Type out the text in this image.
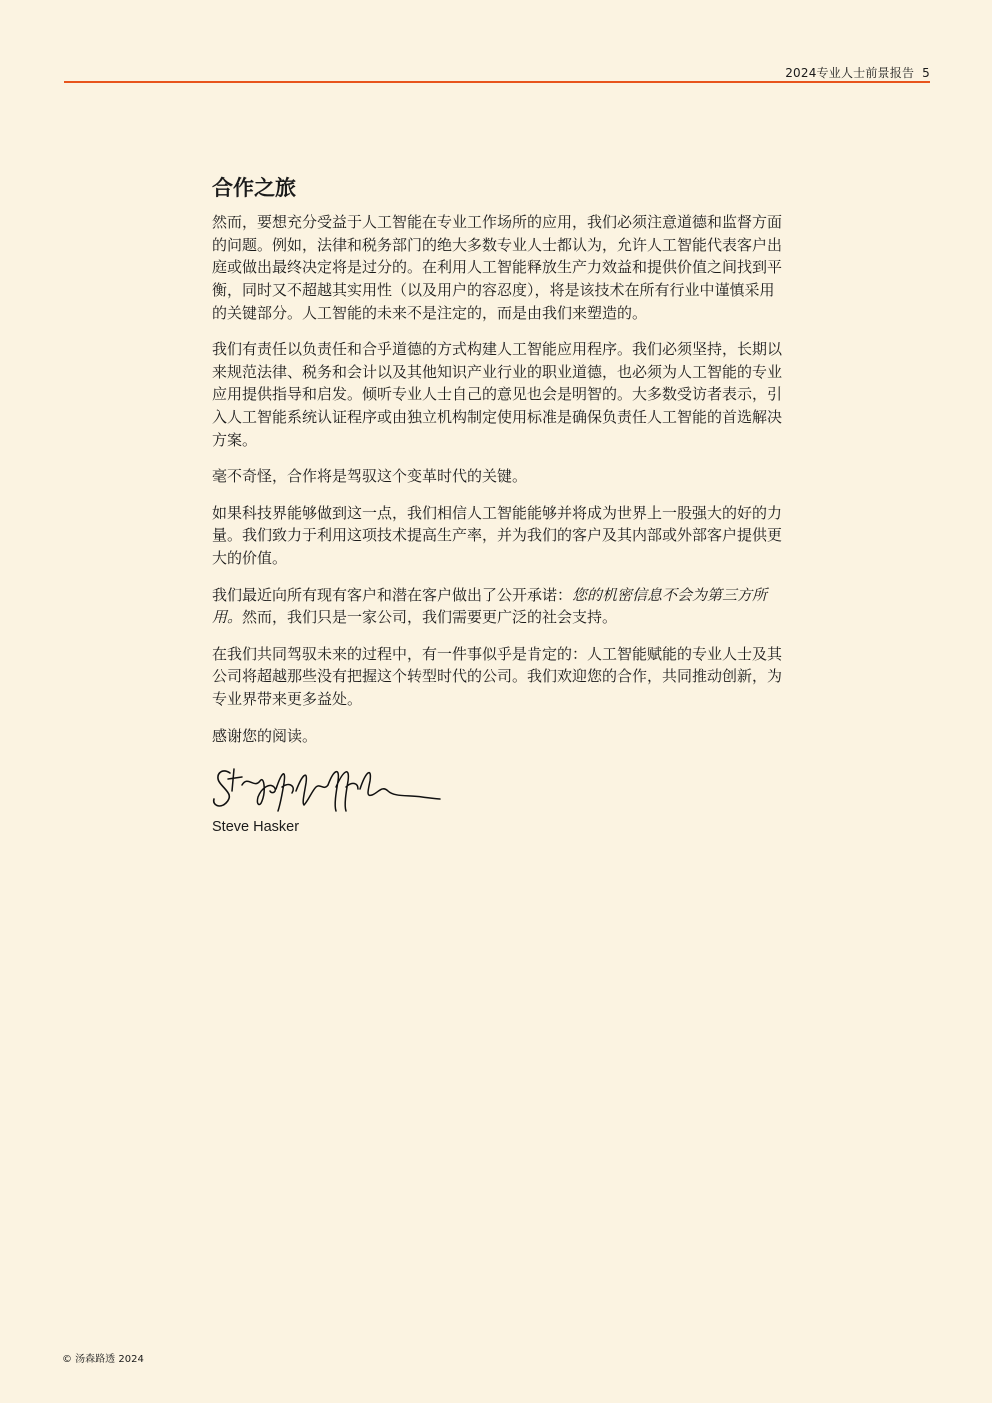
2024专业人士前景报告 5
合作之旅

然而，要想充分受益于人工智能在专业工作场所的应用，我们必须注意道德和监督方面的问题。例如，法律和税务部门的绝大多数专业人士都认为，允许人工智能代表客户出庭或做出最终决定将是过分的。在利用人工智能释放生产力效益和提供价值之间找到平衡，同时又不超越其实用性（以及用户的容忍度），将是该技术在所有行业中谨慎采用的关键部分。人工智能的未来不是注定的，而是由我们来塑造的。

我们有责任以负责任和合乎道德的方式构建人工智能应用程序。我们必须坚持，长期以来规范法律、税务和会计以及其他知识产业行业的职业道德，也必须为人工智能的专业应用提供指导和启发。倾听专业人士自己的意见也会是明智的。大多数受访者表示，引入人工智能系统认证程序或由独立机构制定使用标准是确保负责任人工智能的首选解决方案。

毫不奇怪，合作将是驾驭这个变革时代的关键。

如果科技界能够做到这一点，我们相信人工智能能够并将成为世界上一股强大的好的力量。我们致力于利用这项技术提高生产率，并为我们的客户及其内部或外部客户提供更大的价值。

我们最近向所有现有客户和潜在客户做出了公开承诺：您的机密信息不会为第三方所用。然而，我们只是一家公司，我们需要更广泛的社会支持。

在我们共同驾驭未来的过程中，有一件事似乎是肯定的：人工智能赋能的专业人士及其公司将超越那些没有把握这个转型时代的公司。我们欢迎您的合作，共同推动创新，为专业界带来更多益处。

感谢您的阅读。

Steve Hasker
© 汤森路透 2024
